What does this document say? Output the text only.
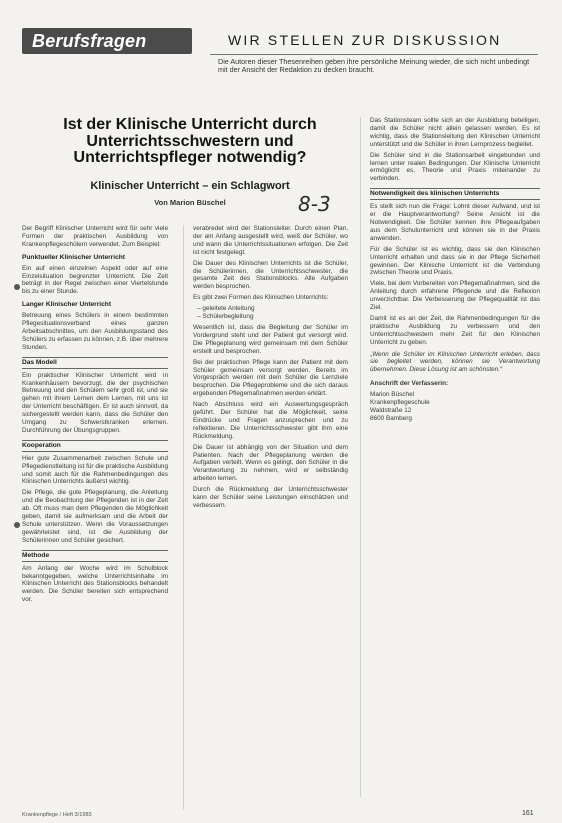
Berufsfragen	WIR STELLEN ZUR DISKUSSION
Die Autoren dieser Thesenreihen geben ihre persönliche Meinung wieder, die sich nicht unbedingt mit der Ansicht der Redaktion zu decken braucht.
Ist der Klinische Unterricht durch Unterrichtsschwestern und Unterrichtspfleger notwendig?
Klinischer Unterricht – ein Schlagwort
Von Marion Büschel	8-3

Der Begriff Klinischer Unterricht wird für sehr viele Formen der praktischen Ausbildung von Krankenpflegeschülern verwendet. Zum Beispiel:

Punktueller Klinischer Unterricht

Ein auf einen einzelnen Aspekt oder auf eine Einzelsituation begrenzter Unterricht. Die Zeit beträgt in der Regel zwischen einer Viertelstunde bis zu einer Stunde.

Langer Klinischer Unterricht

Betreuung eines Schülers in einem bestimmten Pflegesituationsverband eines ganzen Arbeitsabschnittes, um den Ausbildungsstand des Schülers zu erfassen zu können, z.B. über mehrere Stunden.

Das Modell

Ein praktischer Klinischer Unterricht wird in Krankenhäusern bevorzugt, die der psychischen Betreuung und den Schülern sehr groß ist, und sie gehen mit ihrem Lernen dem Lernen, mit uns ist der Unterricht beschäftigen. Er ist auch sinnvoll, da sichergestellt werden kann, dass die Schüler den Umgang zu Schwerstkranken erlernen. Durchführung der Übungsgruppen.

Kooperation

Hier gute Zusammenarbeit zwischen Schule und Pflegedienstleitung ist für die praktische Ausbildung und somit auch für die Rahmenbedingungen des Klinischen Unterrichts äußerst wichtig.

Die Pflege, die gute Pflegeplanung, die Anleitung und die Beobachtung der Pflegenden ist in der Zeit ab. Oft muss man dem Pflegenden die Möglichkeit geben, damit sie aufmerksam und die Arbeit der Schule unterstützen. Wenn die Voraussetzungen gewährleistet sind, ist die Ausbildung der Schülerinnen und Schüler gesichert.

Methode

Am Anfang der Woche wird im Schulblock bekanntgegeben, welche Unterrichtsinhalte im Klinischen Unterricht des Stationsblocks behandelt werden. Die Schüler bereiten sich entsprechend vor.

verabredet wird der Stationsleiter. Durch einen Plan, der am Anfang ausgestellt wird, weiß der Schüler, wo und wann die Unterrichtssituationen erfolgen. Die Zeit ist nicht festgelegt.

Die Dauer des Klinischen Unterrichts ist die Schüler, die Schülerinnen, die Unterrichtsschwester, die gesamte Zeit des Stationsblocks. Alle Aufgaben werden besprochen.

Es gibt zwei Formen des Klinischen Unterrichts:

– geleitete Anleitung
– Schülerbegleitung

Wesentlich ist, dass die Begleitung der Schüler im Vordergrund steht und der Patient gut versorgt wird. Die Pflegeplanung wird gemeinsam mit dem Schüler erstellt und besprochen.

Bei der praktischen Pflege kann der Patient mit dem Schüler gemeinsam versorgt werden. Bereits im Vorgespräch werden mit dem Schüler die Lernziele besprochen. Die Pflegeprobleme und die sich daraus ergebenden Pflegemaßnahmen werden erklärt.

Nach Abschluss wird ein Auswertungsgespräch geführt. Der Schüler hat die Möglichkeit, seine Eindrücke und Fragen anzusprechen und zu reflektieren. Die Unterrichtsschwester gibt ihm eine Rückmeldung.

Die Dauer ist abhängig von der Situation und dem Patienten. Nach der Pflegeplanung werden die Aufgaben verteilt. Wenn es gelingt, den Schüler in die Verantwortung zu nehmen, wird er selbständig arbeiten lernen.

Durch die Rückmeldung der Unterrichtsschwester kann der Schüler seine Leistungen einschätzen und verbessern.

Das Stationsteam sollte sich an der Ausbildung beteiligen, damit die Schüler nicht allein gelassen werden. Es ist wichtig, dass die Stationsleitung den Klinischen Unterricht unterstützt und die Schüler in ihren Lernprozess begleitet.

Die Schüler sind in die Stationsarbeit eingebunden und lernen unter realen Bedingungen. Der Klinische Unterricht ermöglicht es, Theorie und Praxis miteinander zu verbinden.

Notwendigkeit des klinischen Unterrichts

Es stellt sich nun die Frage: Lohnt dieser Aufwand, und ist er die Hauptverantwortung? Seine Ansicht ist die Notwendigkeit. Die Schüler kennen ihre Pflegeaufgaben aus dem Schulunterricht und können sie in der Praxis anwenden.

Für die Schüler ist es wichtig, dass sie den Klinischen Unterricht erhalten und dass sie in der Pflege Sicherheit gewinnen. Der Klinische Unterricht ist die Verbindung zwischen Theorie und Praxis.

Viele, bei dem Vorbereiten von Pflegemaßnahmen, sind die Anleitung durch erfahrene Pflegende und die Reflexion unverzichtbar. Die Verbesserung der Pflegequalität ist das Ziel.

Damit ist es an der Zeit, die Rahmenbedingungen für die praktische Ausbildung zu verbessern und den Unterrichtsschwestern mehr Zeit für den Klinischen Unterricht zu geben.

„Wenn die Schüler im Klinischen Unterricht erleben, dass sie begleitet werden, können sie Verantwortung übernehmen. Diese Lösung ist am schönsten.“

Anschrift der Verfasserin:

Marion Büschel
Krankenpflegeschule
Waldstraße 12
8600 Bamberg
Krankenpflege / Heft 3/1983	161
